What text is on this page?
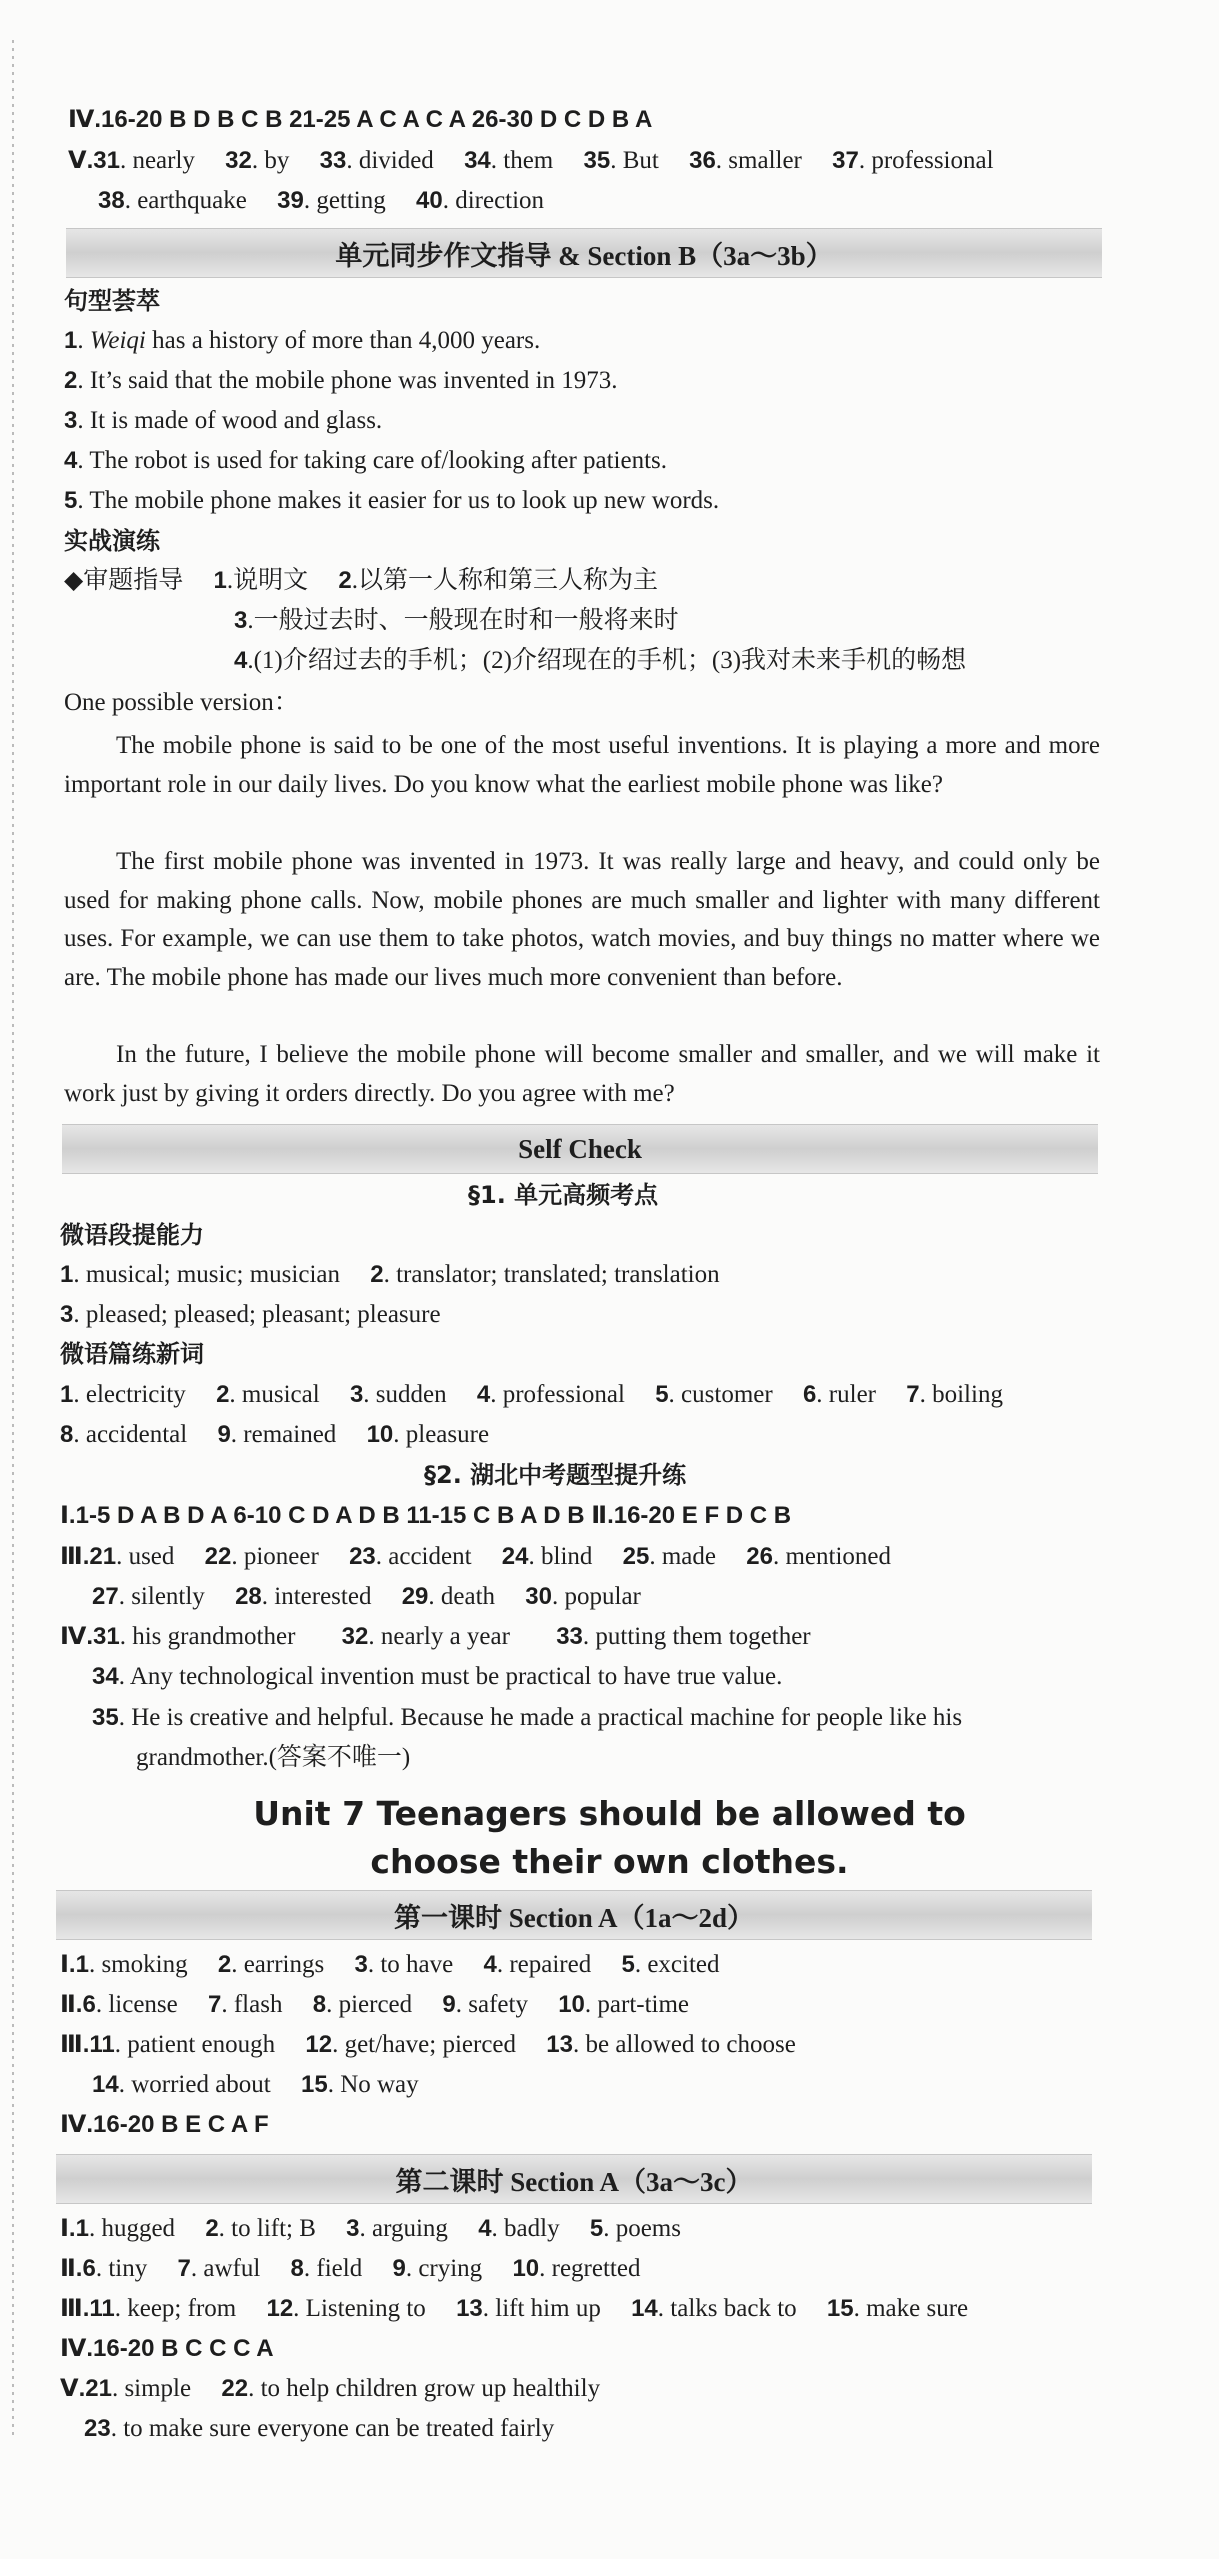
Ⅳ.16-20 B D B C B 21-25 A C A C A 26-30 D C D B A
Ⅴ.31. nearly 32. by 33. divided 34. them 35. But 36. smaller 37. professional
38. earthquake 39. getting 40. direction
单元同步作文指导 & Section B（3a～3b）
句型荟萃
1. Weiqi has a history of more than 4,000 years.
2. It’s said that the mobile phone was invented in 1973.
3. It is made of wood and glass.
4. The robot is used for taking care of/looking after patients.
5. The mobile phone makes it easier for us to look up new words.
实战演练
◆审题指导 1.说明文 2.以第一人称和第三人称为主
3.一般过去时、一般现在时和一般将来时
4.(1)介绍过去的手机；(2)介绍现在的手机；(3)我对未来手机的畅想
One possible version：
The mobile phone is said to be one of the most useful inventions. It is playing a more and more important role in our daily lives. Do you know what the earliest mobile phone was like?
The first mobile phone was invented in 1973. It was really large and heavy, and could only be used for making phone calls. Now, mobile phones are much smaller and lighter with many different uses. For example, we can use them to take photos, watch movies, and buy things no matter where we are. The mobile phone has made our lives much more convenient than before.
In the future, I believe the mobile phone will become smaller and smaller, and we will make it work just by giving it orders directly. Do you agree with me?
Self Check
§1. 单元高频考点
微语段提能力
1. musical; music; musician 2. translator; translated; translation
3. pleased; pleased; pleasant; pleasure
微语篇练新词
1. electricity 2. musical 3. sudden 4. professional 5. customer 6. ruler 7. boiling
8. accidental 9. remained 10. pleasure
§2. 湖北中考题型提升练
Ⅰ.1-5 D A B D A 6-10 C D A D B 11-15 C B A D B Ⅱ.16-20 E F D C B
Ⅲ.21. used 22. pioneer 23. accident 24. blind 25. made 26. mentioned
27. silently 28. interested 29. death 30. popular
Ⅳ.31. his grandmother 32. nearly a year 33. putting them together
34. Any technological invention must be practical to have true value.
35. He is creative and helpful. Because he made a practical machine for people like his
grandmother.(答案不唯一)
Unit 7 Teenagers should be allowed to
choose their own clothes.
第一课时 Section A（1a～2d）
Ⅰ.1. smoking 2. earrings 3. to have 4. repaired 5. excited
Ⅱ.6. license 7. flash 8. pierced 9. safety 10. part-time
Ⅲ.11. patient enough 12. get/have; pierced 13. be allowed to choose
14. worried about 15. No way
Ⅳ.16-20 B E C A F
第二课时 Section A（3a～3c）
Ⅰ.1. hugged 2. to lift; B 3. arguing 4. badly 5. poems
Ⅱ.6. tiny 7. awful 8. field 9. crying 10. regretted
Ⅲ.11. keep; from 12. Listening to 13. lift him up 14. talks back to 15. make sure
Ⅳ.16-20 B C C C A
Ⅴ.21. simple 22. to help children grow up healthily
23. to make sure everyone can be treated fairly
